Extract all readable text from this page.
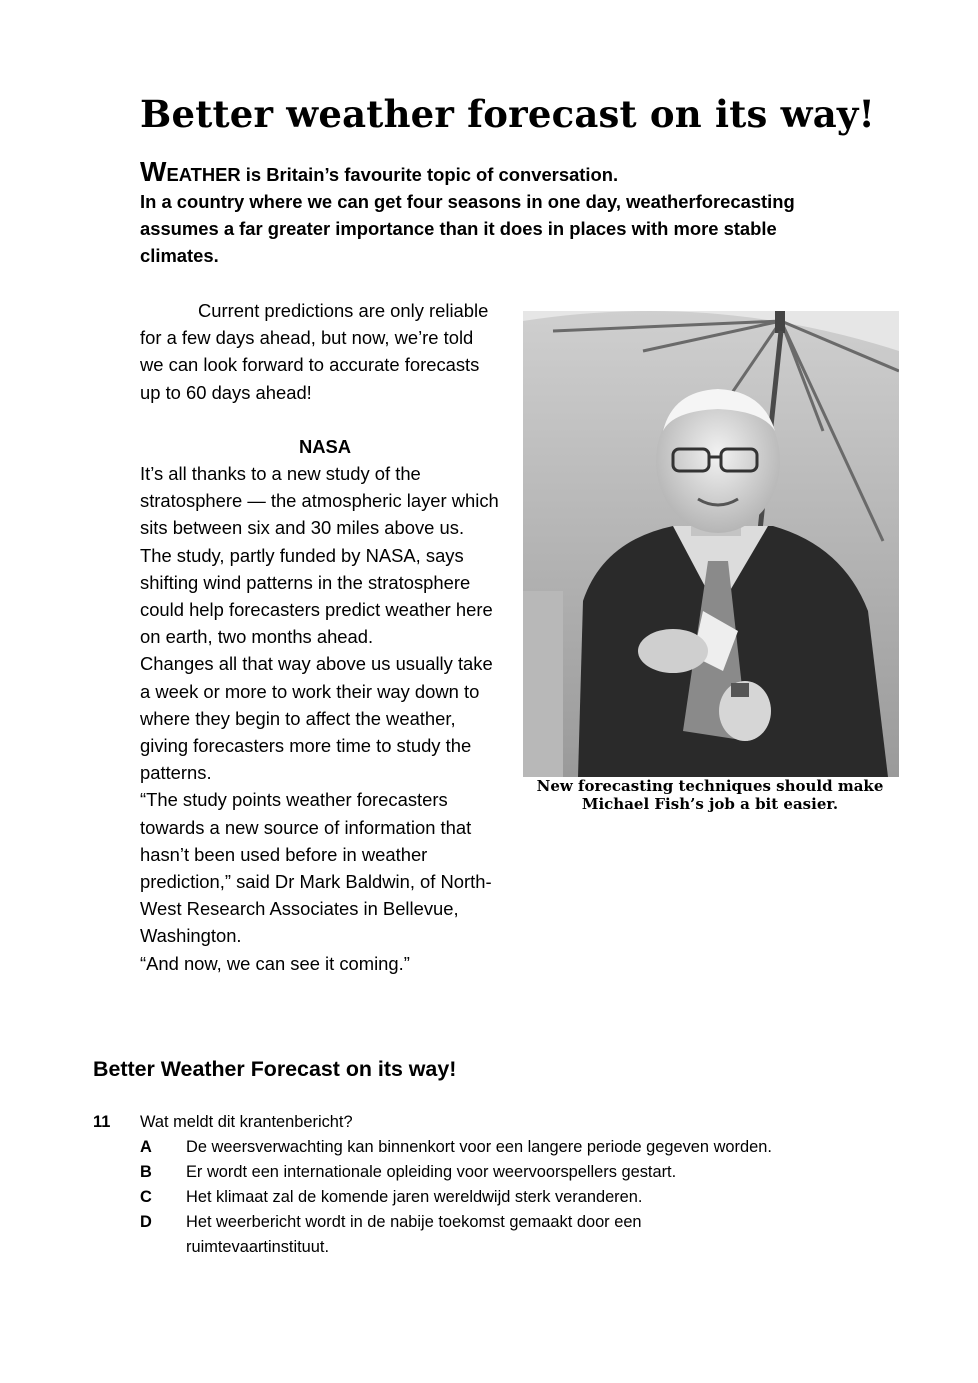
Better weather forecast on its way!
WEATHER is Britain’s favourite topic of conversation.
In a country where we can get four seasons in one day, weatherforecasting assumes a far greater importance than it does in places with more stable climates.

Current predictions are only reliable for a few days ahead, but now, we’re told we can look forward to accurate forecasts up to 60 days ahead!

NASA

It’s all thanks to a new study of the stratosphere — the atmospheric layer which sits between six and 30 miles above us.

The study, partly funded by NASA, says shifting wind patterns in the stratosphere could help forecasters predict weather here on earth, two months ahead.

Changes all that way above us usually take a week or more to work their way down to where they begin to affect the weather, giving forecasters more time to study the patterns.

“The study points weather forecasters towards a new source of information that hasn’t been used before in weather prediction,” said Dr Mark Baldwin, of North-West Research Associates in Bellevue, Washington.

“And now, we can see it coming.”

New forecasting techniques should make
Michael Fish’s job a bit easier.
Better Weather Forecast on its way!
11	Wat meldt dit krantenbericht?
A	De weersverwachting kan binnenkort voor een langere periode gegeven worden.
B	Er wordt een internationale opleiding voor weervoorspellers gestart.
C	Het klimaat zal de komende jaren wereldwijd sterk veranderen.
D	Het weerbericht wordt in de nabije toekomst gemaakt door een ruimtevaartinstituut.
